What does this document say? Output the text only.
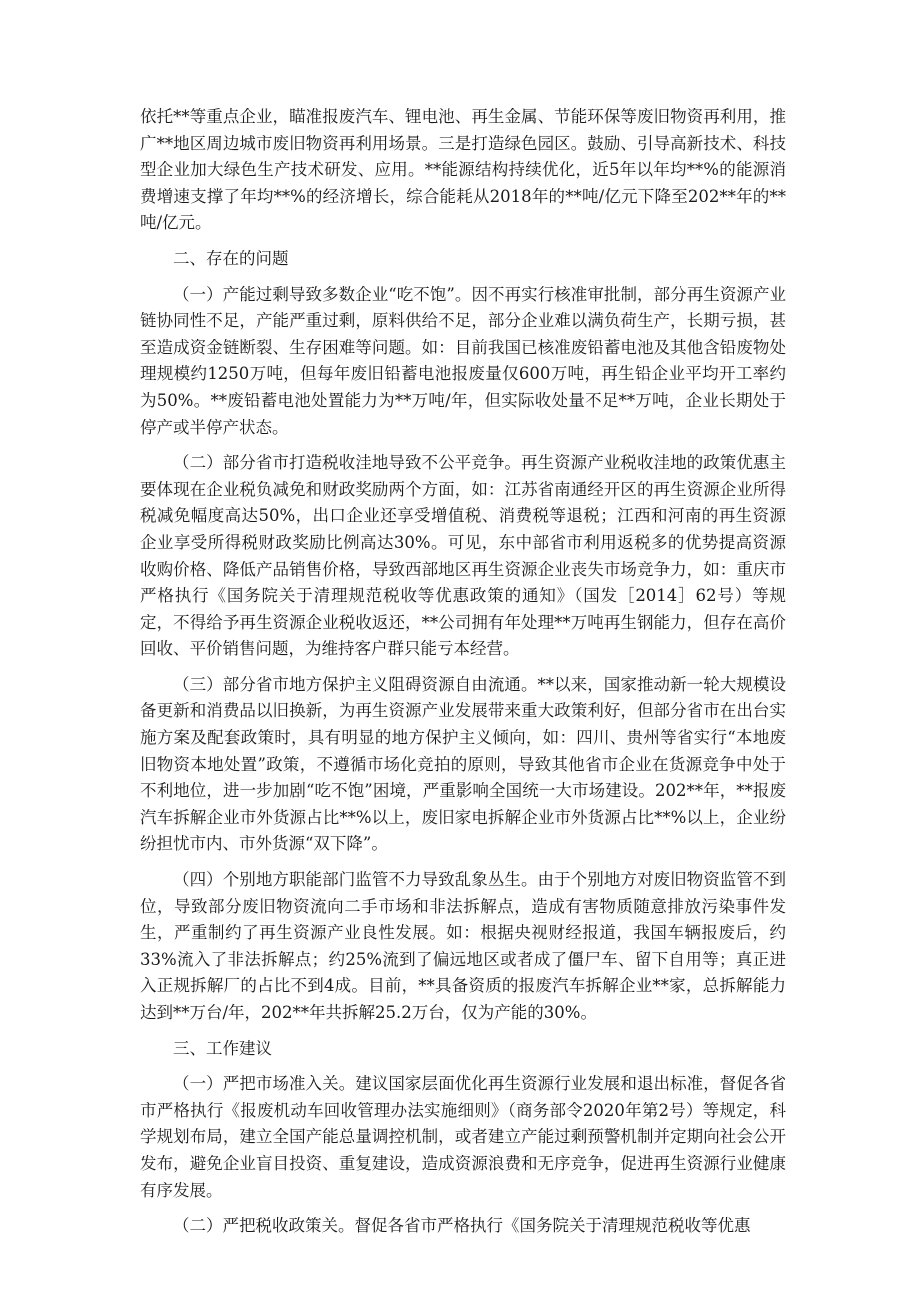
依托**等重点企业，瞄准报废汽车、锂电池、再生金属、节能环保等废旧物资再利用，推广**地区周边城市废旧物资再利用场景。三是打造绿色园区。鼓励、引导高新技术、科技型企业加大绿色生产技术研发、应用。**能源结构持续优化，近5年以年均**%的能源消费增速支撑了年均**%的经济增长，综合能耗从2018年的**吨/亿元下降至202**年的**吨/亿元。

二、存在的问题

（一）产能过剩导致多数企业“吃不饱”。因不再实行核准审批制，部分再生资源产业链协同性不足，产能严重过剩，原料供给不足，部分企业难以满负荷生产，长期亏损，甚至造成资金链断裂、生存困难等问题。如：目前我国已核准废铅蓄电池及其他含铅废物处理规模约1250万吨，但每年废旧铅蓄电池报废量仅600万吨，再生铅企业平均开工率约为50%。**废铅蓄电池处置能力为**万吨/年，但实际收处量不足**万吨，企业长期处于停产或半停产状态。

（二）部分省市打造税收洼地导致不公平竞争。再生资源产业税收洼地的政策优惠主要体现在企业税负减免和财政奖励两个方面，如：江苏省南通经开区的再生资源企业所得税减免幅度高达50%，出口企业还享受增值税、消费税等退税；江西和河南的再生资源企业享受所得税财政奖励比例高达30%。可见，东中部省市利用返税多的优势提高资源收购价格、降低产品销售价格，导致西部地区再生资源企业丧失市场竞争力，如：重庆市严格执行《国务院关于清理规范税收等优惠政策的通知》（国发［2014］62号）等规定，不得给予再生资源企业税收返还，**公司拥有年处理**万吨再生钢能力，但存在高价回收、平价销售问题，为维持客户群只能亏本经营。

（三）部分省市地方保护主义阻碍资源自由流通。**以来，国家推动新一轮大规模设备更新和消费品以旧换新，为再生资源产业发展带来重大政策利好，但部分省市在出台实施方案及配套政策时，具有明显的地方保护主义倾向，如：四川、贵州等省实行“本地废旧物资本地处置”政策，不遵循市场化竞拍的原则，导致其他省市企业在货源竞争中处于不利地位，进一步加剧“吃不饱”困境，严重影响全国统一大市场建设。202**年，**报废汽车拆解企业市外货源占比**%以上，废旧家电拆解企业市外货源占比**%以上，企业纷纷担忧市内、市外货源“双下降”。

（四）个别地方职能部门监管不力导致乱象丛生。由于个别地方对废旧物资监管不到位，导致部分废旧物资流向二手市场和非法拆解点，造成有害物质随意排放污染事件发生，严重制约了再生资源产业良性发展。如：根据央视财经报道，我国车辆报废后，约33%流入了非法拆解点；约25%流到了偏远地区或者成了僵尸车、留下自用等；真正进入正规拆解厂的占比不到4成。目前，**具备资质的报废汽车拆解企业**家，总拆解能力达到**万台/年，202**年共拆解25.2万台，仅为产能的30%。

三、工作建议

（一）严把市场准入关。建议国家层面优化再生资源行业发展和退出标准，督促各省市严格执行《报废机动车回收管理办法实施细则》（商务部令2020年第2号）等规定，科学规划布局，建立全国产能总量调控机制，或者建立产能过剩预警机制并定期向社会公开发布，避免企业盲目投资、重复建设，造成资源浪费和无序竞争，促进再生资源行业健康有序发展。

（二）严把税收政策关。督促各省市严格执行《国务院关于清理规范税收等优惠
